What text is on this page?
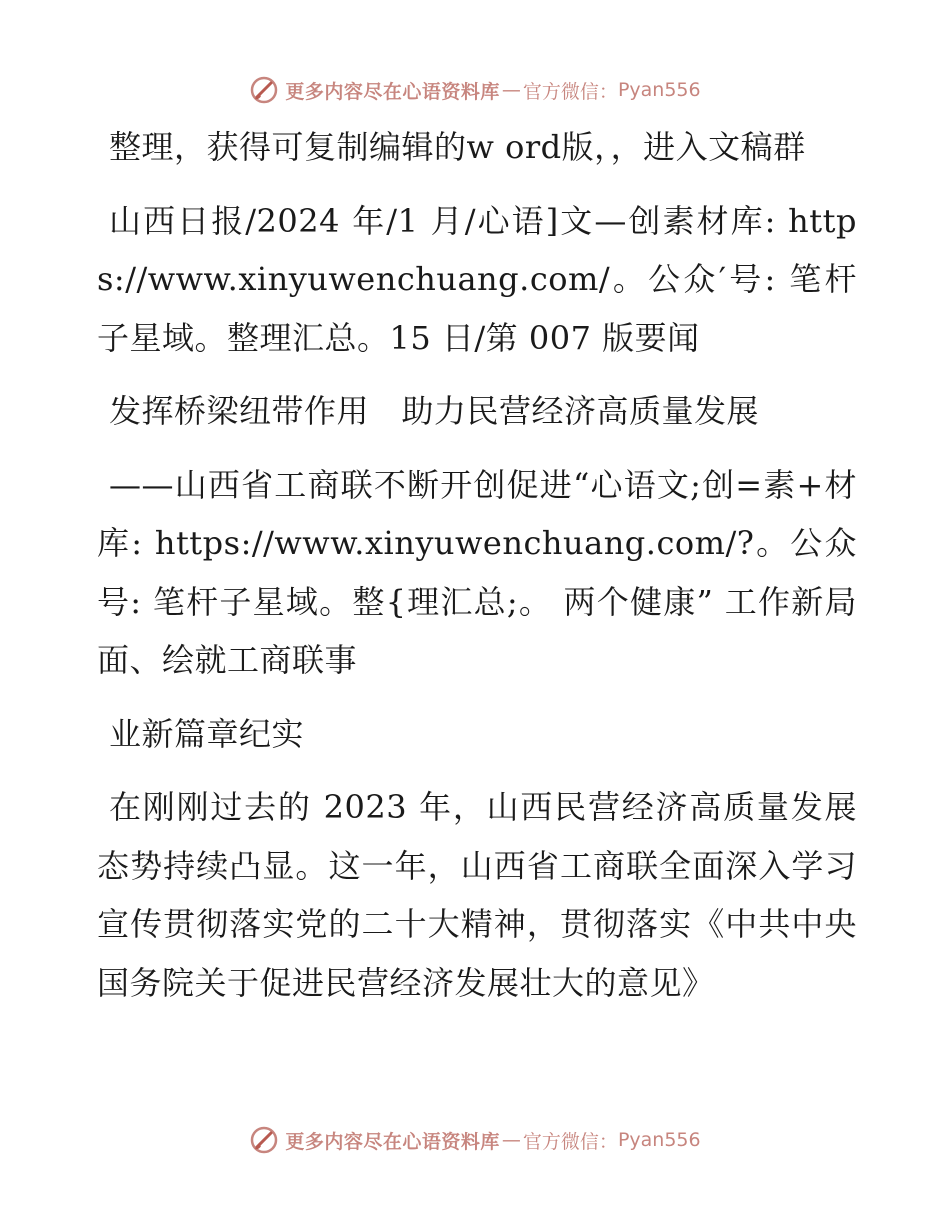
更多内容尽在心语资料库 — 官方微信： Pyan556

整理，获得可复制编辑的w ord版，，进入文稿群

山西日报/2024 年/1 月/心语]文—创素材库: https://www.xinyuwenchuang.com/。公众′号: 笔杆子星域。整理汇总。15 日/第 007 版要闻

发挥桥梁纽带作用　助力民营经济高质量发展

——山西省工商联不断开创促进“心语文;创=素+材库: https://www.xinyuwenchuang.com/?。公众号: 笔杆子星域。整{理汇总;。 两个健康” 工作新局面、绘就工商联事

业新篇章纪实

在刚刚过去的 2023 年，山西民营经济高质量发展态势持续凸显。这一年，山西省工商联全面深入学习宣传贯彻落实党的二十大精神，贯彻落实《中共中央国务院关于促进民营经济发展壮大的意见》

更多内容尽在心语资料库 — 官方微信： Pyan556
